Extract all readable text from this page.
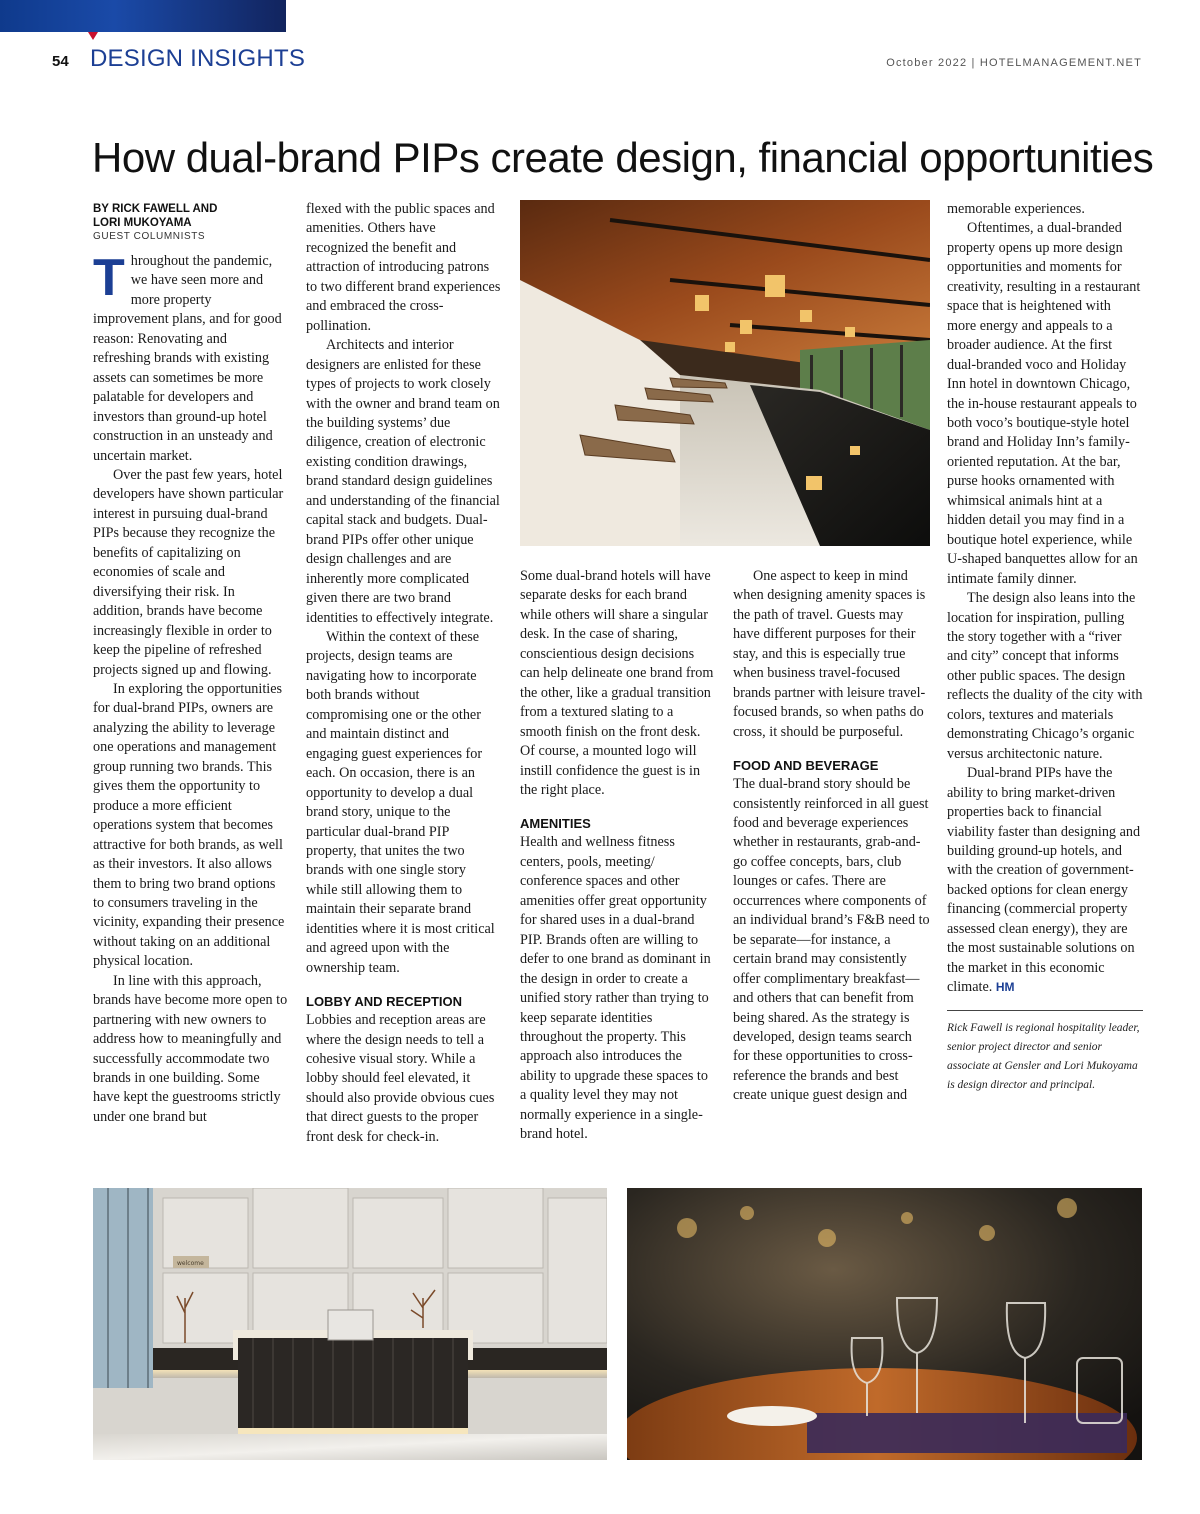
54 DESIGN INSIGHTS	October 2022 | HOTELMANAGEMENT.NET
How dual-brand PIPs create design, financial opportunities
BY RICK FAWELL AND
LORI MUKOYAMA
GUEST COLUMNISTS

Throughout the pandemic, we have seen more and more property improvement plans, and for good reason: Renovating and refreshing brands with existing assets can sometimes be more palatable for developers and investors than ground-up hotel construction in an unsteady and uncertain market.

Over the past few years, hotel developers have shown particular interest in pursuing dual-brand PIPs because they recognize the benefits of capitalizing on economies of scale and diversifying their risk. In addition, brands have become increasingly flexible in order to keep the pipeline of refreshed projects signed up and flowing.

In exploring the opportunities for dual-brand PIPs, owners are analyzing the ability to leverage one operations and management group running two brands. This gives them the opportunity to produce a more efficient operations system that becomes attractive for both brands, as well as their investors. It also allows them to bring two brand options to consumers traveling in the vicinity, expanding their presence without taking on an additional physical location.

In line with this approach, brands have become more open to partnering with new owners to address how to meaningfully and successfully accommodate two brands in one building. Some have kept the guestrooms strictly under one brand but

flexed with the public spaces and amenities. Others have recognized the benefit and attraction of introducing patrons to two different brand experiences and embraced the cross-pollination.

Architects and interior designers are enlisted for these types of projects to work closely with the owner and brand team on the building systems’ due diligence, creation of electronic existing condition drawings, brand standard design guidelines and understanding of the financial capital stack and budgets. Dual-brand PIPs offer other unique design challenges and are inherently more complicated given there are two brand identities to effectively integrate.

Within the context of these projects, design teams are navigating how to incorporate both brands without compromising one or the other and maintain distinct and engaging guest experiences for each. On occasion, there is an opportunity to develop a dual brand story, unique to the particular dual-brand PIP property, that unites the two brands with one single story while still allowing them to maintain their separate brand identities where it is most critical and agreed upon with the ownership team.

LOBBY AND RECEPTION

Lobbies and reception areas are where the design needs to tell a cohesive visual story. While a lobby should feel elevated, it should also provide obvious cues that direct guests to the proper front desk for check-in.

Some dual-brand hotels will have separate desks for each brand while others will share a singular desk. In the case of sharing, conscientious design decisions can help delineate one brand from the other, like a gradual transition from a textured slating to a smooth finish on the front desk. Of course, a mounted logo will instill confidence the guest is in the right place.

AMENITIES

Health and wellness fitness centers, pools, meeting/ conference spaces and other amenities offer great opportunity for shared uses in a dual-brand PIP. Brands often are willing to defer to one brand as dominant in the design in order to create a unified story rather than trying to keep separate identities throughout the property. This approach also introduces the ability to upgrade these spaces to a quality level they may not normally experience in a single-brand hotel.

One aspect to keep in mind when designing amenity spaces is the path of travel. Guests may have different purposes for their stay, and this is especially true when business travel-focused brands partner with leisure travel-focused brands, so when paths do cross, it should be purposeful.

FOOD AND BEVERAGE

The dual-brand story should be consistently reinforced in all guest food and beverage experiences whether in restaurants, grab-and-go coffee concepts, bars, club lounges or cafes. There are occurrences where components of an individual brand’s F&B need to be separate—for instance, a certain brand may consistently offer complimentary breakfast—and others that can benefit from being shared. As the strategy is developed, design teams search for these opportunities to cross-reference the brands and best create unique guest design and

memorable experiences.

Oftentimes, a dual-branded property opens up more design opportunities and moments for creativity, resulting in a restaurant space that is heightened with more energy and appeals to a broader audience. At the first dual-branded voco and Holiday Inn hotel in downtown Chicago, the in-house restaurant appeals to both voco’s boutique-style hotel brand and Holiday Inn’s family-oriented reputation. At the bar, purse hooks ornamented with whimsical animals hint at a hidden detail you may find in a boutique hotel experience, while U-shaped banquettes allow for an intimate family dinner.

The design also leans into the location for inspiration, pulling the story together with a “river and city” concept that informs other public spaces. The design reflects the duality of the city with colors, textures and materials demonstrating Chicago’s organic versus architectonic nature.

Dual-brand PIPs have the ability to bring market-driven properties back to financial viability faster than designing and building ground-up hotels, and with the creation of government-backed options for clean energy financing (commercial property assessed clean energy), they are the most sustainable solutions on the market in this economic climate. HM

Rick Fawell is regional hospitality leader, senior project director and senior associate at Gensler and Lori Mukoyama is design director and principal.

welcome
